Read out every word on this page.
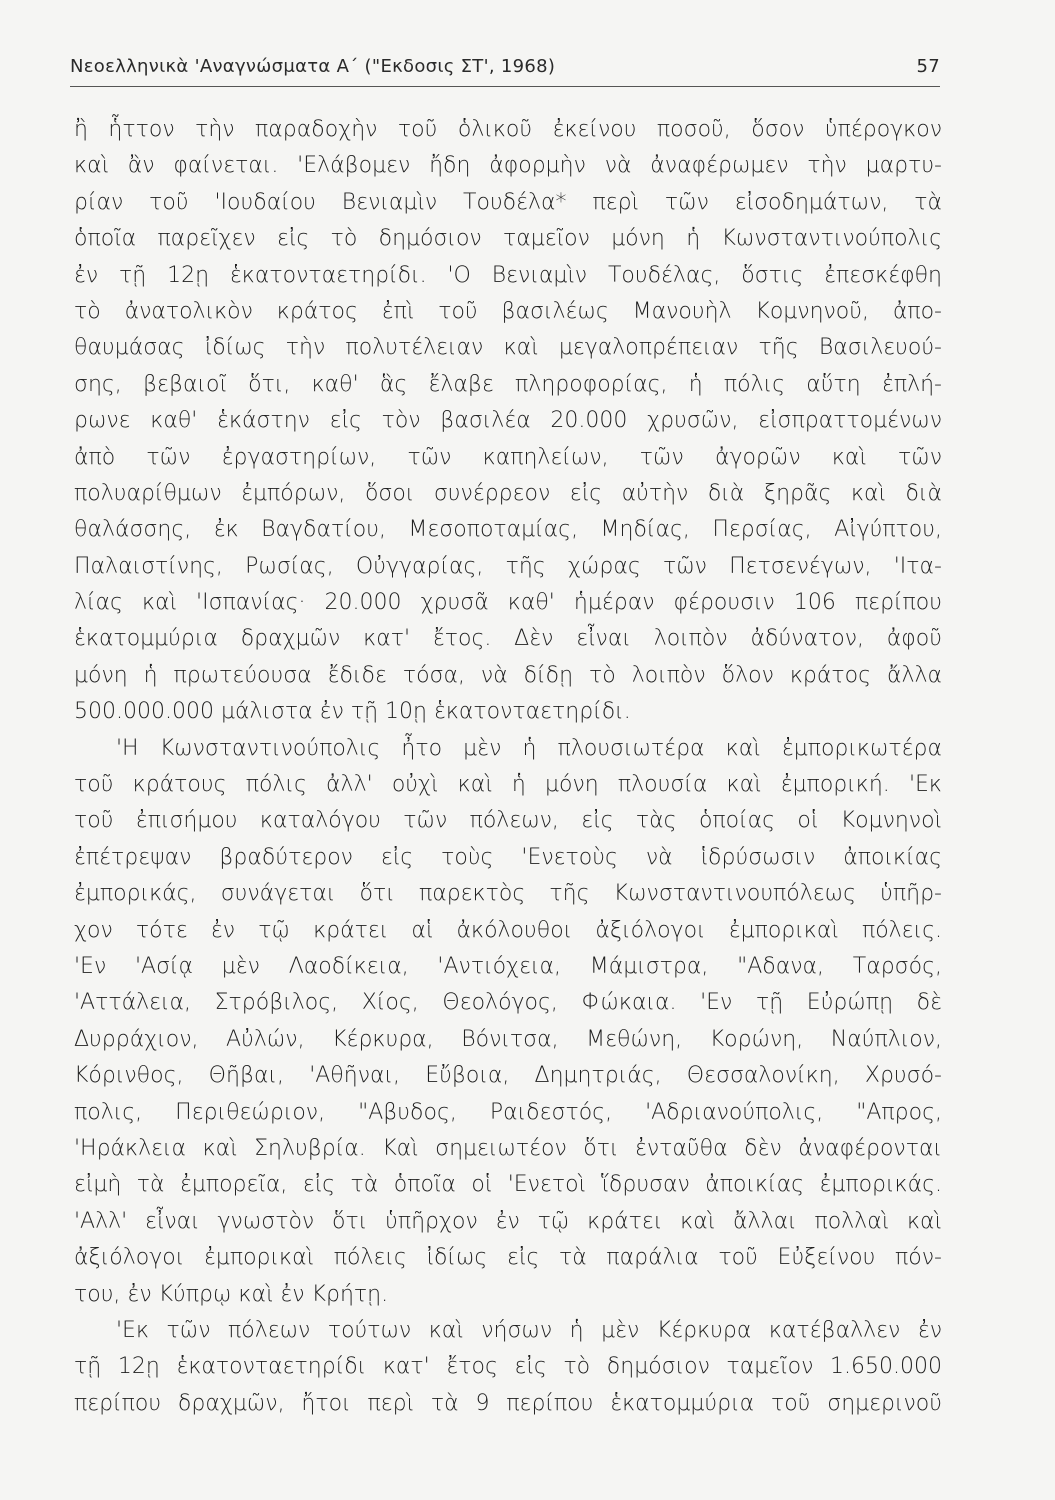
Νεοελληνικὰ 'Αναγνώσματα Α΄ ("Εκδοσις ΣΤ', 1968)	57
ἢ ἧττον τὴν παραδοχὴν τοῦ ὁλικοῦ ἐκείνου ποσοῦ, ὅσον ὑπέρογκον
καὶ ἂν φαίνεται. 'Ελάβομεν ἤδη ἀφορμὴν νὰ ἀναφέρωμεν τὴν μαρτυ-
ρίαν τοῦ 'Ιουδαίου Βενιαμὶν Τουδέλα* περὶ τῶν εἰσοδημάτων, τὰ
ὁποῖα παρεῖχεν εἰς τὸ δημόσιον ταμεῖον μόνη ἡ Κωνσταντινούπολις
ἐν τῇ 12ῃ ἑκατονταετηρίδι. 'Ο Βενιαμὶν Τουδέλας, ὅστις ἐπεσκέφθη
τὸ ἀνατολικὸν κράτος ἐπὶ τοῦ βασιλέως Μανουὴλ Κομνηνοῦ, ἀπο-
θαυμάσας ἰδίως τὴν πολυτέλειαν καὶ μεγαλοπρέπειαν τῆς Βασιλευού-
σης, βεβαιοῖ ὅτι, καθ' ἃς ἔλαβε πληροφορίας, ἡ πόλις αὕτη ἐπλή-
ρωνε καθ' ἑκάστην εἰς τὸν βασιλέα 20.000 χρυσῶν, εἰσπραττομένων
ἀπὸ τῶν ἐργαστηρίων, τῶν καπηλείων, τῶν ἀγορῶν καὶ τῶν
πολυαρίθμων ἐμπόρων, ὅσοι συνέρρεον εἰς αὐτὴν διὰ ξηρᾶς καὶ διὰ
θαλάσσης, ἐκ Βαγδατίου, Μεσοποταμίας, Μηδίας, Περσίας, Αἰγύπτου,
Παλαιστίνης, Ρωσίας, Οὐγγαρίας, τῆς χώρας τῶν Πετσενέγων, 'Ιτα-
λίας καὶ 'Ισπανίας· 20.000 χρυσᾶ καθ' ἡμέραν φέρουσιν 106 περίπου
ἑκατομμύρια δραχμῶν κατ' ἔτος. Δὲν εἶναι λοιπὸν ἀδύνατον, ἀφοῦ
μόνη ἡ πρωτεύουσα ἔδιδε τόσα, νὰ δίδῃ τὸ λοιπὸν ὅλον κράτος ἄλλα
500.000.000 μάλιστα ἐν τῇ 10ῃ ἑκατονταετηρίδι.
'Η Κωνσταντινούπολις ἦτο μὲν ἡ πλουσιωτέρα καὶ ἐμπορικωτέρα
τοῦ κράτους πόλις ἀλλ' οὐχὶ καὶ ἡ μόνη πλουσία καὶ ἐμπορική. 'Εκ
τοῦ ἐπισήμου καταλόγου τῶν πόλεων, εἰς τὰς ὁποίας οἱ Κομνηνοὶ
ἐπέτρεψαν βραδύτερον εἰς τοὺς 'Ενετοὺς νὰ ἱδρύσωσιν ἀποικίας
ἐμπορικάς, συνάγεται ὅτι παρεκτὸς τῆς Κωνσταντινουπόλεως ὑπῆρ-
χον τότε ἐν τῷ κράτει αἱ ἀκόλουθοι ἀξιόλογοι ἐμπορικαὶ πόλεις.
'Εν 'Ασίᾳ μὲν Λαοδίκεια, 'Αντιόχεια, Μάμιστρα, "Αδανα, Ταρσός,
'Αττάλεια, Στρόβιλος, Χίος, Θεολόγος, Φώκαια. 'Εν τῇ Εὐρώπῃ δὲ
Δυρράχιον, Αὐλών, Κέρκυρα, Βόνιτσα, Μεθώνη, Κορώνη, Ναύπλιον,
Κόρινθος, Θῆβαι, 'Αθῆναι, Εὔβοια, Δημητριάς, Θεσσαλονίκη, Χρυσό-
πολις, Περιθεώριον, "Αβυδος, Ραιδεστός, 'Αδριανούπολις, "Απρος,
'Ηράκλεια καὶ Σηλυβρία. Καὶ σημειωτέον ὅτι ἐνταῦθα δὲν ἀναφέρονται
εἰμὴ τὰ ἐμπορεῖα, εἰς τὰ ὁποῖα οἱ 'Ενετοὶ ἵδρυσαν ἀποικίας ἐμπορικάς.
'Αλλ' εἶναι γνωστὸν ὅτι ὑπῆρχον ἐν τῷ κράτει καὶ ἄλλαι πολλαὶ καὶ
ἀξιόλογοι ἐμπορικαὶ πόλεις ἰδίως εἰς τὰ παράλια τοῦ Εὐξείνου πόν-
του, ἐν Κύπρῳ καὶ ἐν Κρήτῃ.
'Εκ τῶν πόλεων τούτων καὶ νήσων ἡ μὲν Κέρκυρα κατέβαλλεν ἐν
τῇ 12ῃ ἑκατονταετηρίδι κατ' ἔτος εἰς τὸ δημόσιον ταμεῖον 1.650.000
περίπου δραχμῶν, ἤτοι περὶ τὰ 9 περίπου ἑκατομμύρια τοῦ σημερινοῦ
